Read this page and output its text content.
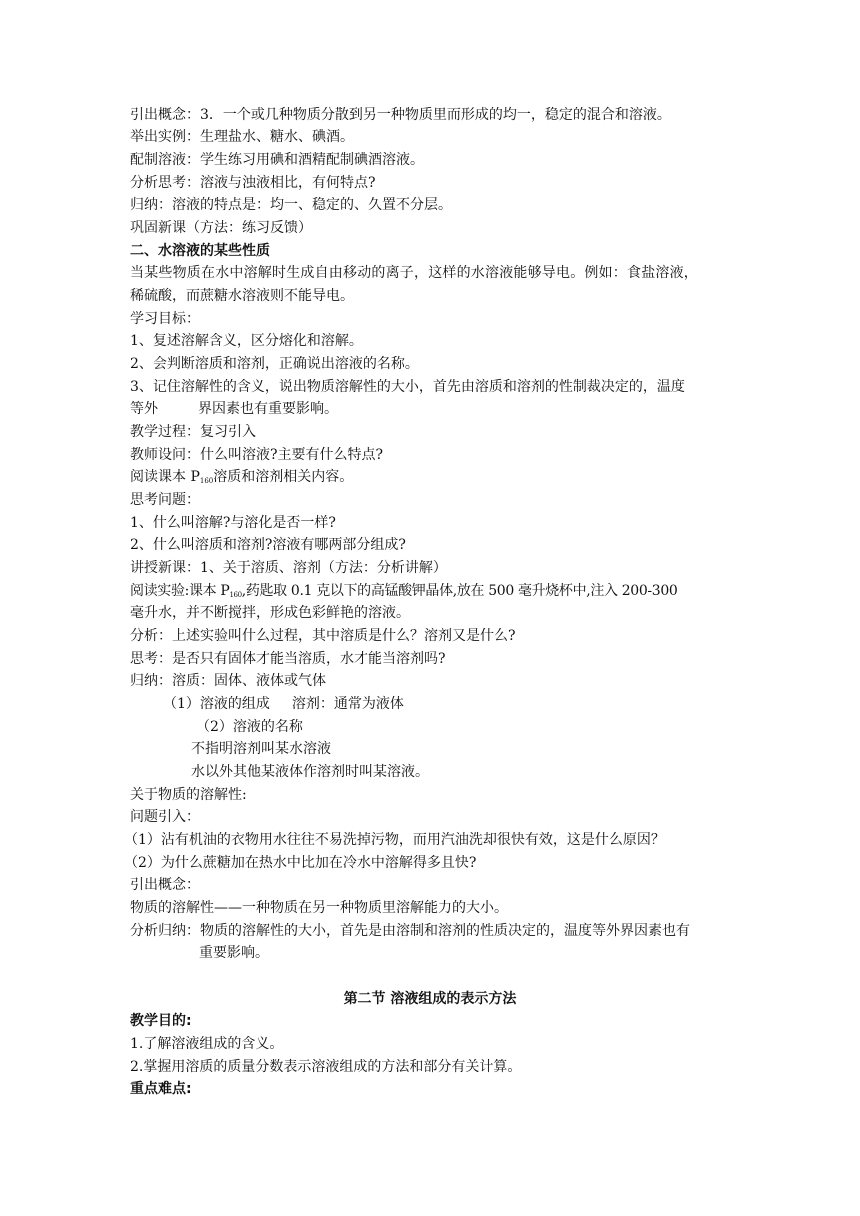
引出概念：3．一个或几种物质分散到另一种物质里而形成的均一，稳定的混合和溶液。
举出实例：生理盐水、糖水、碘酒。
配制溶液：学生练习用碘和酒精配制碘酒溶液。
分析思考：溶液与浊液相比，有何特点?
归纳：溶液的特点是：均一、稳定的、久置不分层。
巩固新课（方法：练习反馈）
二、水溶液的某些性质
当某些物质在水中溶解时生成自由移动的离子，这样的水溶液能够导电。例如：食盐溶液，
稀硫酸，而蔗糖水溶液则不能导电。
学习目标：
1、复述溶解含义，区分熔化和溶解。
2、会判断溶质和溶剂，正确说出溶液的名称。
3、记住溶解性的含义，说出物质溶解性的大小，首先由溶质和溶剂的性制裁决定的，温度
等外	界因素也有重要影响。
教学过程：复习引入
教师设问：什么叫溶液?主要有什么特点?
阅读课本 $P_{160}$溶质和溶剂相关内容。
思考问题：
1、什么叫溶解?与溶化是否一样?
2、什么叫溶质和溶剂?溶液有哪两部分组成?
讲授新课：1、关于溶质、溶剂（方法：分析讲解）
阅读实验:课本 $P_{160}$,药匙取 0.1 克以下的高锰酸钾晶体,放在 500 毫升烧杯中,注入 200-300
毫升水，并不断搅拌，形成色彩鲜艳的溶液。
分析：上述实验叫什么过程，其中溶质是什么？溶剂又是什么?
思考：是否只有固体才能当溶质，水才能当溶剂吗?
归纳：溶质：固体、液体或气体
（1）溶液的组成 溶剂：通常为液体
（2）溶液的名称
不指明溶剂叫某水溶液
水以外其他某液体作溶剂时叫某溶液。
关于物质的溶解性:
问题引入：
（1）沾有机油的衣物用水往往不易洗掉污物，而用汽油洗却很快有效，这是什么原因？
（2）为什么蔗糖加在热水中比加在冷水中溶解得多且快?
引出概念：
物质的溶解性——一种物质在另一种物质里溶解能力的大小。
分析归纳：物质的溶解性的大小，首先是由溶制和溶剂的性质决定的，温度等外界因素也有
重要影响。
第二节 溶液组成的表示方法
教学目的:
1.了解溶液组成的含义。
2.掌握用溶质的质量分数表示溶液组成的方法和部分有关计算。
重点难点:
